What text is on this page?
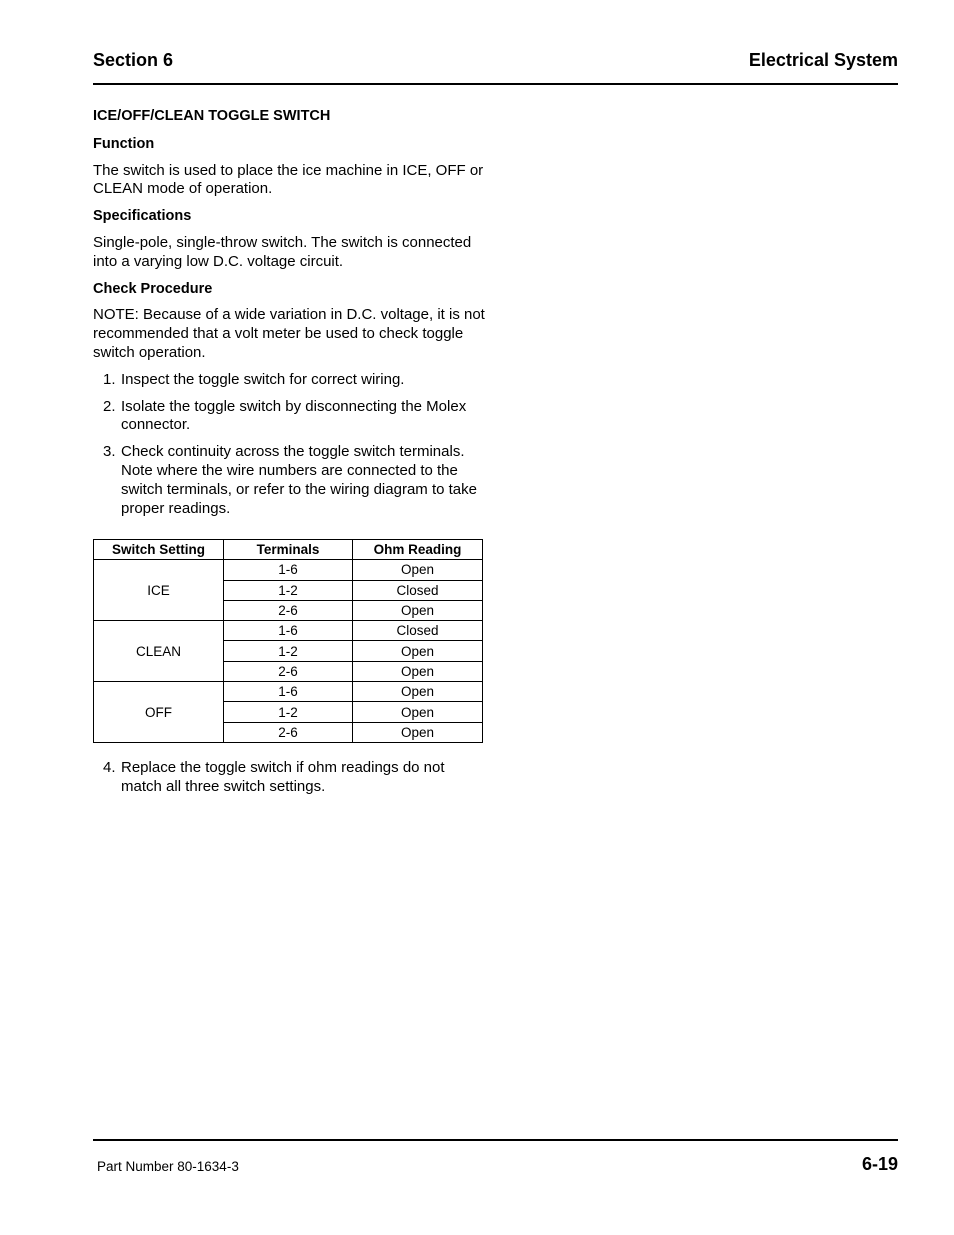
Section 6	Electrical System
ICE/OFF/CLEAN TOGGLE SWITCH
Function
The switch is used to place the ice machine in ICE, OFF or CLEAN mode of operation.
Specifications
Single-pole, single-throw switch. The switch is connected into a varying low D.C. voltage circuit.
Check Procedure
NOTE: Because of a wide variation in D.C. voltage, it is not recommended that a volt meter be used to check toggle switch operation.
1. Inspect the toggle switch for correct wiring.
2. Isolate the toggle switch by disconnecting the Molex connector.
3. Check continuity across the toggle switch terminals. Note where the wire numbers are connected to the switch terminals, or refer to the wiring diagram to take proper readings.
Switch Setting	Terminals	Ohm Reading
ICE	1-6	Open
	1-2	Closed
	2-6	Open
CLEAN	1-6	Closed
	1-2	Open
	2-6	Open
OFF	1-6	Open
	1-2	Open
	2-6	Open
4. Replace the toggle switch if ohm readings do not match all three switch settings.
Part Number 80-1634-3	6-19
